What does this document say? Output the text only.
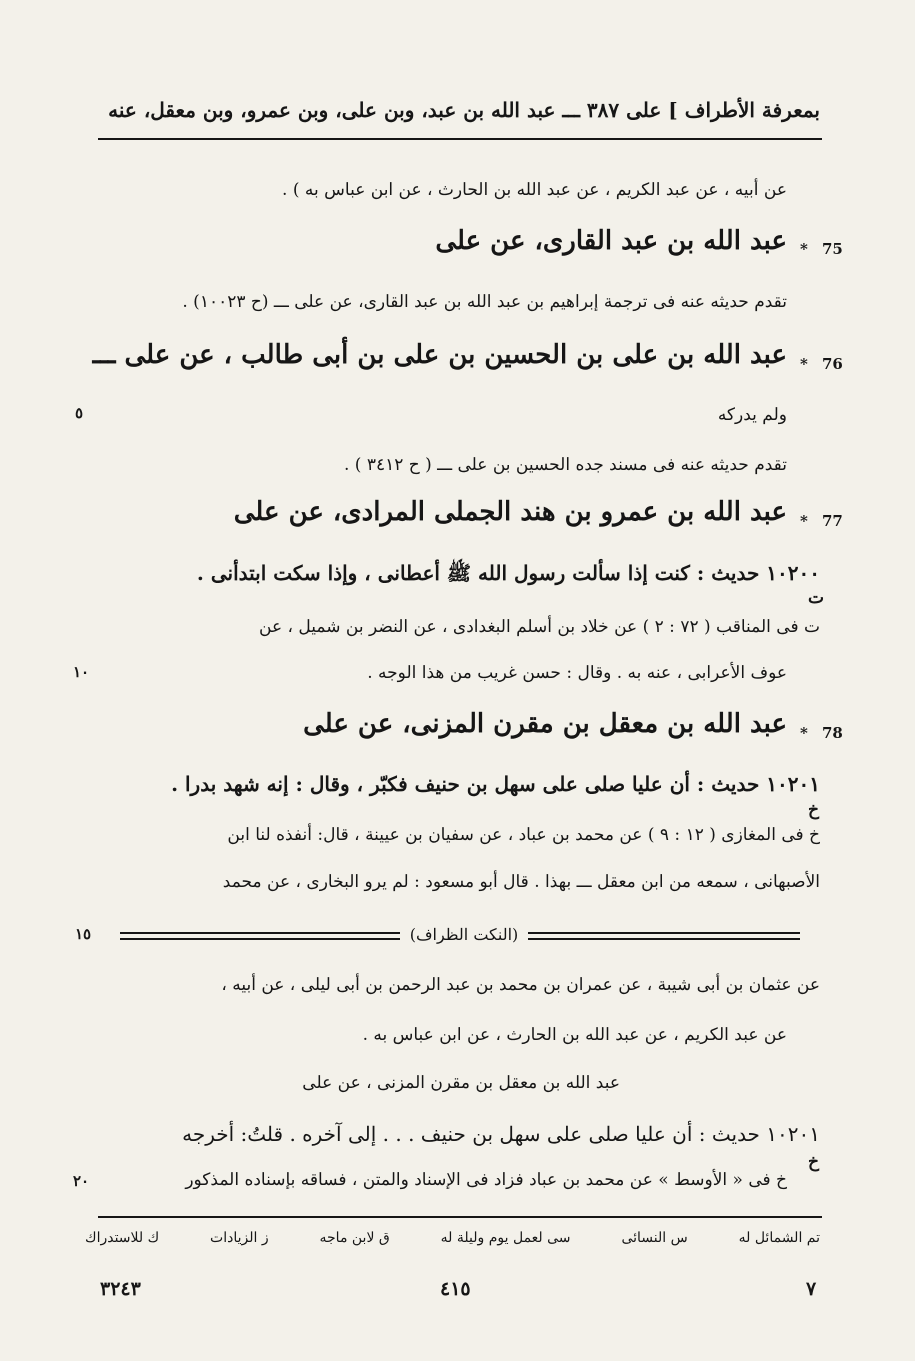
بمعرفة الأطراف ] على ٣٨٧ ـــ عبد الله بن عبد، وبن على، وبن عمرو، وبن معقل، عنه
عن أبيه ، عن عبد الكريم ، عن عبد الله بن الحارث ، عن ابن عباس به ) .
75
*
عبد الله بن عبد القارى، عن على
تقدم حديثه عنه فى ترجمة إبراهيم بن عبد الله بن عبد القارى، عن على ـــ (ح ١٠٠٢٣) .
76
*
عبد الله بن على بن الحسين بن على بن أبى طالب ، عن على ـــ
ولم يدركه
٥
تقدم حديثه عنه فى مسند جده الحسين بن على ـــ ( ح ٣٤١٢ ) .
77
*
عبد الله بن عمرو بن هند الجملى المرادى، عن على
١٠٢٠٠ حديث : كنت إذا سألت رسول الله ﷺ أعطانى ، وإذا سكت ابتدأنى .
ت
ت فى المناقب ( ٧٢ : ٢ ) عن خلاد بن أسلم البغدادى ، عن النضر بن شميل ، عن
عوف الأعرابى ، عنه به . وقال : حسن غريب من هذا الوجه .
١٠
78
*
عبد الله بن معقل بن مقرن المزنى، عن على
١٠٢٠١ حديث : أن عليا صلى على سهل بن حنيف فكبّر ، وقال : إنه شهد بدرا .
خ
خ فى المغازى ( ١٢ : ٩ ) عن محمد بن عباد ، عن سفيان بن عيينة ، قال: أنفذه لنا ابن
الأصبهانى ، سمعه من ابن معقل ـــ بهذا . قال أبو مسعود : لم يرو البخارى ، عن محمد
١٥	(النكت الظراف)
عن عثمان بن أبى شيبة ، عن عمران بن محمد بن عبد الرحمن بن أبى ليلى ، عن أبيه ،
عن عبد الكريم ، عن عبد الله بن الحارث ، عن ابن عباس به .
عبد الله بن معقل بن مقرن المزنى ، عن على
١٠٢٠١ حديث : أن عليا صلى على سهل بن حنيف . . . إلى آخره . قلتُ: أخرجه
خ
خ فى « الأوسط » عن محمد بن عباد فزاد فى الإسناد والمتن ، فساقه بإسناده المذكور
٢٠
تم الشمائل له
س النسائى
سى لعمل يوم وليلة له
ق لابن ماجه
ز الزيادات
ك للاستدراك
٧
٤١٥
٣٢٤٣
